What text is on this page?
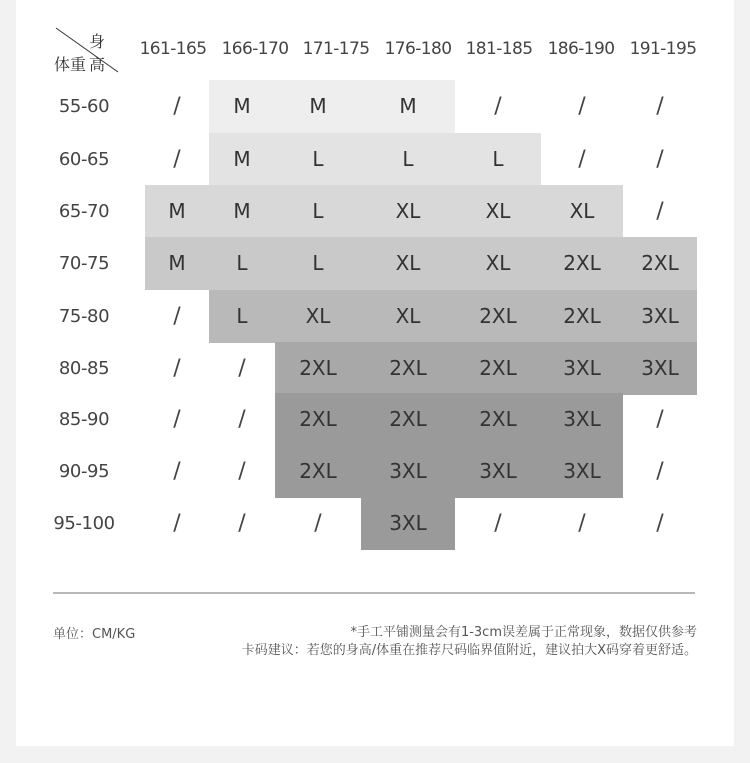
身高
体重
161-165 166-170 171-175 176-180 181-185 186-190 191-195
55-60	/	M	M	M	/	/	/
60-65	/	M	L	L	L	/	/
65-70	M	M	L	XL	XL	XL	/
70-75	M	L	L	XL	XL	2XL	2XL
75-80	/	L	XL	XL	2XL	2XL	3XL
80-85	/	/	2XL	2XL	2XL	3XL	3XL
85-90	/	/	2XL	2XL	2XL	3XL	/
90-95	/	/	2XL	3XL	3XL	3XL	/
95-100	/	/	/	3XL	/	/	/
单位：CM/KG	*手工平铺测量会有1-3cm误差属于正常现象，数据仅供参考
卡码建议：若您的身高/体重在推荐尺码临界值附近，建议拍大X码穿着更舒适。
